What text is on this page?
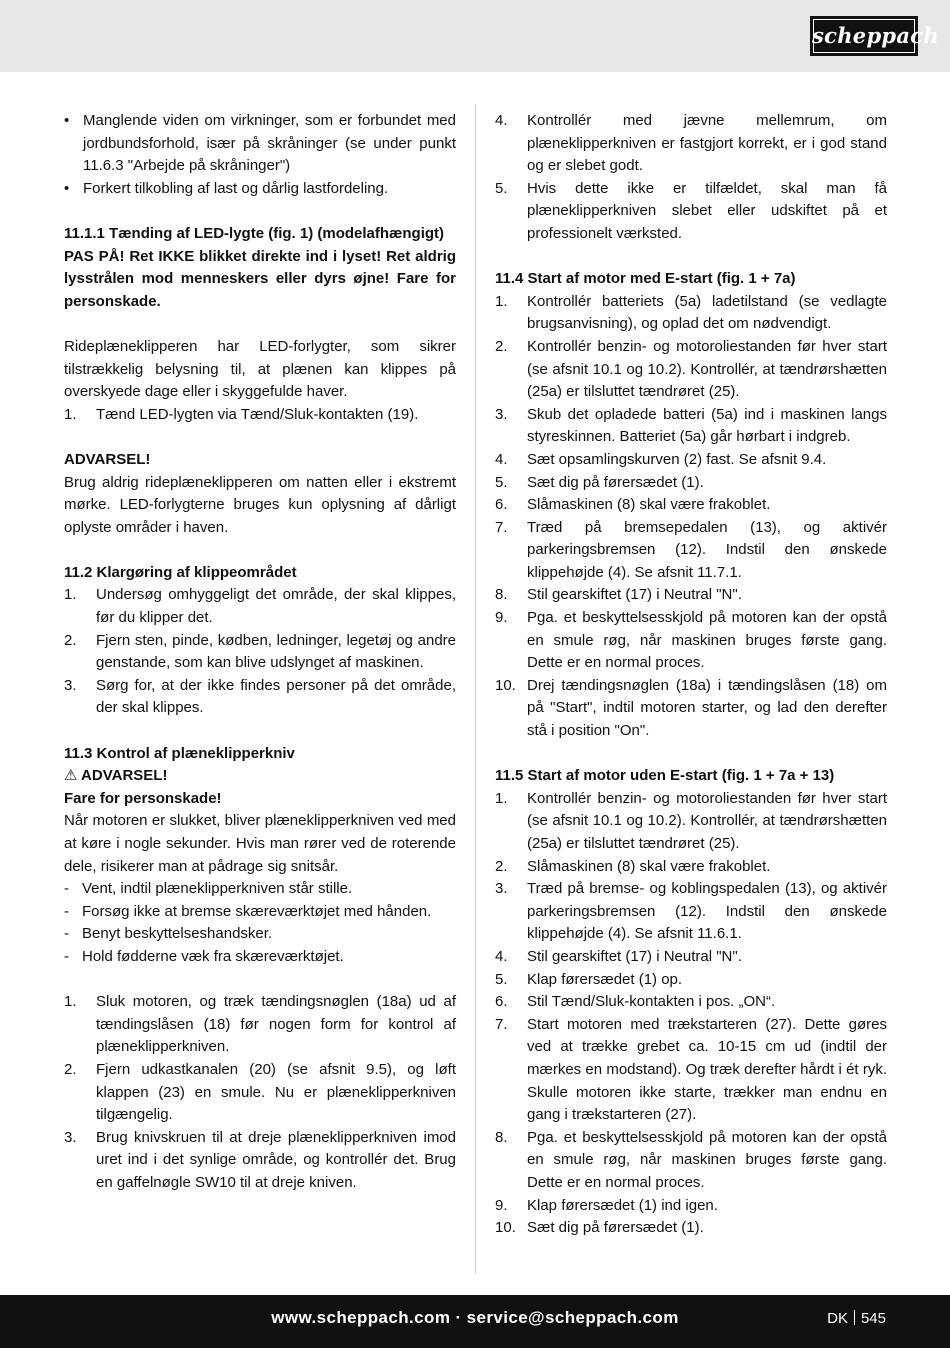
scheppach
• Manglende viden om virkninger, som er forbundet med jordbundsforhold, især på skråninger (se under punkt 11.6.3 "Arbejde på skråninger")
• Forkert tilkobling af last og dårlig lastfordeling.
11.1.1 Tænding af LED-lygte (fig. 1) (modelafhængigt)
PAS PÅ! Ret IKKE blikket direkte ind i lyset! Ret aldrig lysstrålen mod menneskers eller dyrs øjne! Fare for personskade.
Rideplæneklipperen har LED-forlygter, som sikrer tilstrækkelig belysning til, at plænen kan klippes på overskyede dage eller i skyggefulde haver.
1.	Tænd LED-lygten via Tænd/Sluk-kontakten (19).
ADVARSEL!
Brug aldrig rideplæneklipperen om natten eller i ekstremt mørke. LED-forlygterne bruges kun oplysning af dårligt oplyste områder i haven.
11.2 Klargøring af klippeområdet
1.	Undersøg omhyggeligt det område, der skal klippes, før du klipper det.
2.	Fjern sten, pinde, kødben, ledninger, legetøj og andre genstande, som kan blive udslynget af maskinen.
3.	Sørg for, at der ikke findes personer på det område, der skal klippes.
11.3 Kontrol af plæneklipperkniv
⚠ ADVARSEL!
Fare for personskade!
Når motoren er slukket, bliver plæneklipperkniven ved med at køre i nogle sekunder. Hvis man rører ved de roterende dele, risikerer man at pådrage sig snitsår.
- Vent, indtil plæneklipperkniven står stille.
- Forsøg ikke at bremse skæreværktøjet med hånden.
- Benyt beskyttelseshandsker.
- Hold fødderne væk fra skæreværktøjet.
1.	Sluk motoren, og træk tændingsnøglen (18a) ud af tændingslåsen (18) før nogen form for kontrol af plæneklipperkniven.
2.	Fjern udkastkanalen (20) (se afsnit 9.5), og løft klappen (23) en smule. Nu er plæneklipperkniven tilgængelig.
3.	Brug knivskruen til at dreje plæneklipperkniven imod uret ind i det synlige område, og kontrollér det. Brug en gaffelnøgle SW10 til at dreje kniven.
4.	Kontrollér med jævne mellemrum, om plæneklipperkniven er fastgjort korrekt, er i god stand og er slebet godt.
5.	Hvis dette ikke er tilfældet, skal man få plæneklipperkniven slebet eller udskiftet på et professionelt værksted.
11.4 Start af motor med E-start (fig. 1 + 7a)
1.	Kontrollér batteriets (5a) ladetilstand (se vedlagte brugsanvisning), og oplad det om nødvendigt.
2.	Kontrollér benzin- og motoroliestanden før hver start (se afsnit 10.1 og 10.2). Kontrollér, at tændrørshætten (25a) er tilsluttet tændrøret (25).
3.	Skub det opladede batteri (5a) ind i maskinen langs styreskinnen. Batteriet (5a) går hørbart i indgreb.
4.	Sæt opsamlingskurven (2) fast. Se afsnit 9.4.
5.	Sæt dig på førersædet (1).
6.	Slåmaskinen (8) skal være frakoblet.
7.	Træd på bremsepedalen (13), og aktivér parkeringsbremsen (12). Indstil den ønskede klippehøjde (4). Se afsnit 11.7.1.
8.	Stil gearskiftet (17) i Neutral "N".
9.	Pga. et beskyttelsesskjold på motoren kan der opstå en smule røg, når maskinen bruges første gang. Dette er en normal proces.
10. Drej tændingsnøglen (18a) i tændingslåsen (18) om på "Start", indtil motoren starter, og lad den derefter stå i position "On".
11.5 Start af motor uden E-start (fig. 1 + 7a + 13)
1.	Kontrollér benzin- og motoroliestanden før hver start (se afsnit 10.1 og 10.2). Kontrollér, at tændrørshætten (25a) er tilsluttet tændrøret (25).
2.	Slåmaskinen (8) skal være frakoblet.
3.	Træd på bremse- og koblingspedalen (13), og aktivér parkeringsbremsen (12). Indstil den ønskede klippehøjde (4). Se afsnit 11.6.1.
4.	Stil gearskiftet (17) i Neutral "N".
5.	Klap førersædet (1) op.
6.	Stil Tænd/Sluk-kontakten i pos. „ON“.
7.	Start motoren med trækstarteren (27). Dette gøres ved at trække grebet ca. 10-15 cm ud (indtil der mærkes en modstand). Og træk derefter hårdt i ét ryk. Skulle motoren ikke starte, trækker man endnu en gang i trækstarteren (27).
8.	Pga. et beskyttelsesskjold på motoren kan der opstå en smule røg, når maskinen bruges første gang. Dette er en normal proces.
9.	Klap førersædet (1) ind igen.
10. Sæt dig på førersædet (1).
www.scheppach.com · service@scheppach.com	DK 545
